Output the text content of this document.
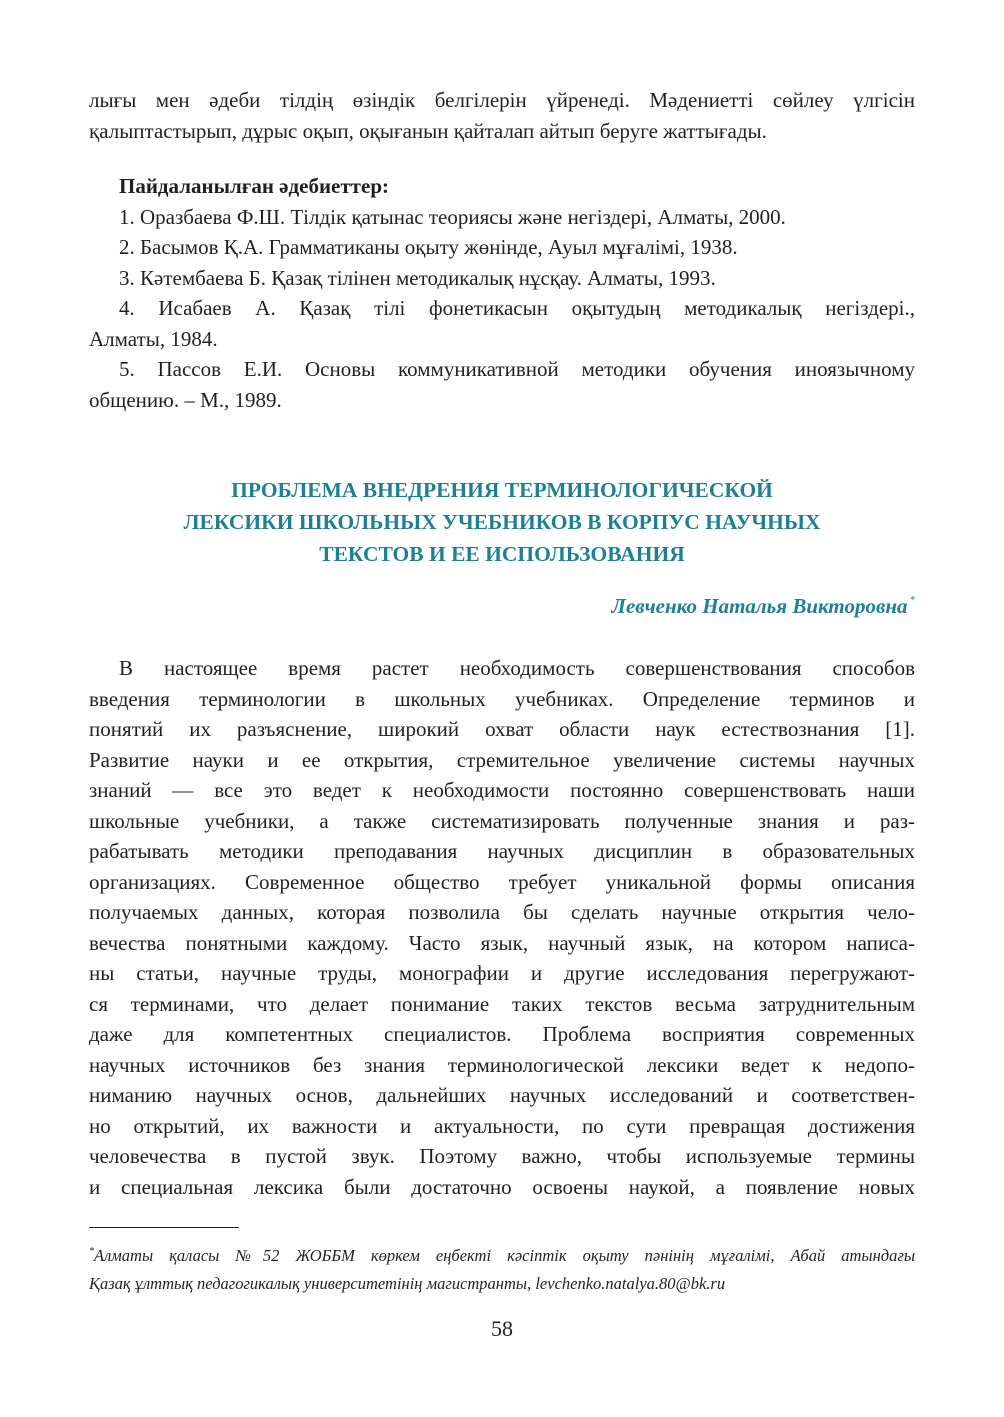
лығы мен әдеби тілдің өзіндік белгілерін үйренеді. Мәдениетті сөйлеу үлгісін
қалыптастырып, дұрыс оқып, оқығанын қайталап айтып беруге жаттығады.
Пайдаланылған әдебиеттер:
1. Оразбаева Ф.Ш. Тілдік қатынас теориясы және негіздері, Алматы, 2000.
2. Басымов Қ.А. Грамматиканы оқыту жөнінде, Ауыл мұғалімі, 1938.
3. Кәтембаева Б. Қазақ тілінен методикалық нұсқау. Алматы, 1993.
4. Исабаев А. Қазақ тілі фонетикасын оқытудың методикалық негіздері.,
Алматы, 1984.
5. Пассов Е.И. Основы коммуникативной методики обучения иноязычному
общению. – М., 1989.
ПРОБЛЕМА ВНЕДРЕНИЯ ТЕРМИНОЛОГИЧЕСКОЙ
ЛЕКСИКИ ШКОЛЬНЫХ УЧЕБНИКОВ В КОРПУС НАУЧНЫХ
ТЕКСТОВ И ЕЕ ИСПОЛЬЗОВАНИЯ
Левченко Наталья Викторовна *
В настоящее время растет необходимость совершенствования способов
введения терминологии в школьных учебниках. Определение терминов и
понятий их разъяснение, широкий охват области наук естествознания [1].
Развитие науки и ее открытия, стремительное увеличение системы научных
знаний — все это ведет к необходимости постоянно совершенствовать наши
школьные учебники, а также систематизировать полученные знания и раз-
рабатывать методики преподавания научных дисциплин в образовательных
организациях. Современное общество требует уникальной формы описания
получаемых данных, которая позволила бы сделать научные открытия чело-
вечества понятными каждому. Часто язык, научный язык, на котором написа-
ны статьи, научные труды, монографии и другие исследования перегружают-
ся терминами, что делает понимание таких текстов весьма затруднительным
даже для компетентных специалистов. Проблема восприятия современных
научных источников без знания терминологической лексики ведет к недопо-
ниманию научных основ, дальнейших научных исследований и соответствен-
но открытий, их важности и актуальности, по сути превращая достижения
человечества в пустой звук. Поэтому важно, чтобы используемые термины
и специальная лексика были достаточно освоены наукой, а появление новых
*Алматы қаласы №52 ЖОББМ көркем еңбекті кәсіптік оқыту пәнінің мұғалімі, Абай атындағы
Қазақ ұлттық педагогикалық университетінің магистранты, levchenko.natalya.80@bk.ru
58
